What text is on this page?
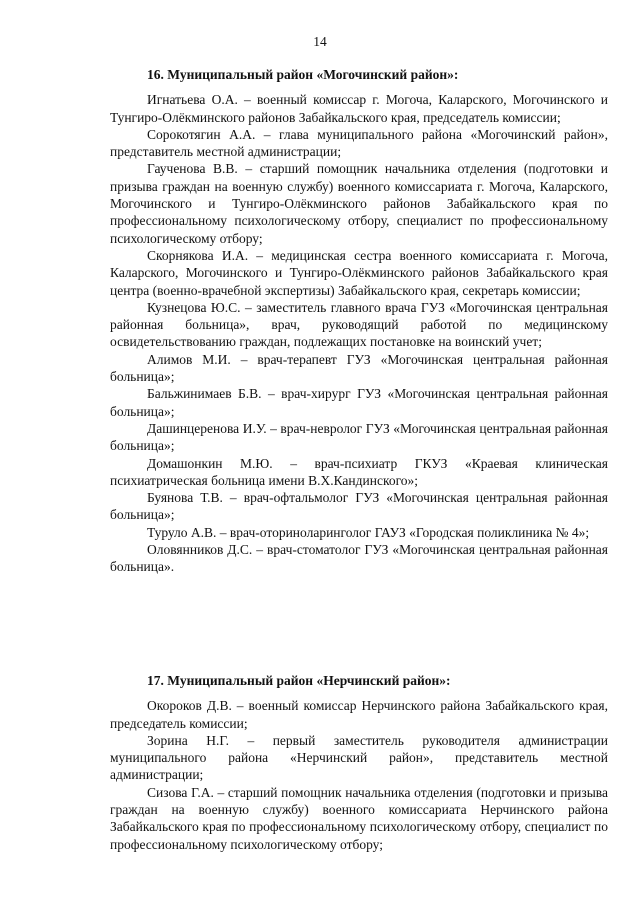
14

16. Муниципальный район «Могочинский район»:

Игнатьева О.А. – военный комиссар г. Могоча, Каларского, Могочинского и Тунгиро-Олёкминского районов Забайкальского края, председатель комиссии;

Сорокотягин А.А. – глава муниципального района «Могочинский район», представитель местной администрации;

Гаученова В.В. – старший помощник начальника отделения (подготовки и призыва граждан на военную службу) военного комиссариата г. Могоча, Каларского, Могочинского и Тунгиро-Олёкминского районов Забайкальского края по профессиональному психологическому отбору, специалист по профессиональному психологическому отбору;

Скорнякова И.А. – медицинская сестра военного комиссариата г. Могоча, Каларского, Могочинского и Тунгиро-Олёкминского районов Забайкальского края центра (военно-врачебной экспертизы) Забайкальского края, секретарь комиссии;

Кузнецова Ю.С. – заместитель главного врача ГУЗ «Могочинская центральная районная больница», врач, руководящий работой по медицинскому освидетельствованию граждан, подлежащих постановке на воинский учет;

Алимов М.И. – врач-терапевт ГУЗ «Могочинская центральная районная больница»;

Бальжинимаев Б.В. – врач-хирург ГУЗ «Могочинская центральная районная больница»;

Дашинцеренова И.У. – врач-невролог ГУЗ «Могочинская центральная районная больница»;

Домашонкин М.Ю. – врач-психиатр ГКУЗ «Краевая клиническая психиатрическая больница имени В.Х.Кандинского»;

Буянова Т.В. – врач-офтальмолог ГУЗ «Могочинская центральная районная больница»;

Туруло А.В. – врач-оториноларинголог ГАУЗ «Городская поликлиника № 4»;

Оловянников Д.С. – врач-стоматолог ГУЗ «Могочинская центральная районная больница».

17. Муниципальный район «Нерчинский район»:

Окороков Д.В. – военный комиссар Нерчинского района Забайкальского края, председатель комиссии;

Зорина Н.Г. – первый заместитель руководителя администрации муниципального района «Нерчинский район», представитель местной администрации;

Сизова Г.А. – старший помощник начальника отделения (подготовки и призыва граждан на военную службу) военного комиссариата Нерчинского района Забайкальского края по профессиональному психологическому отбору, специалист по профессиональному психологическому отбору;
